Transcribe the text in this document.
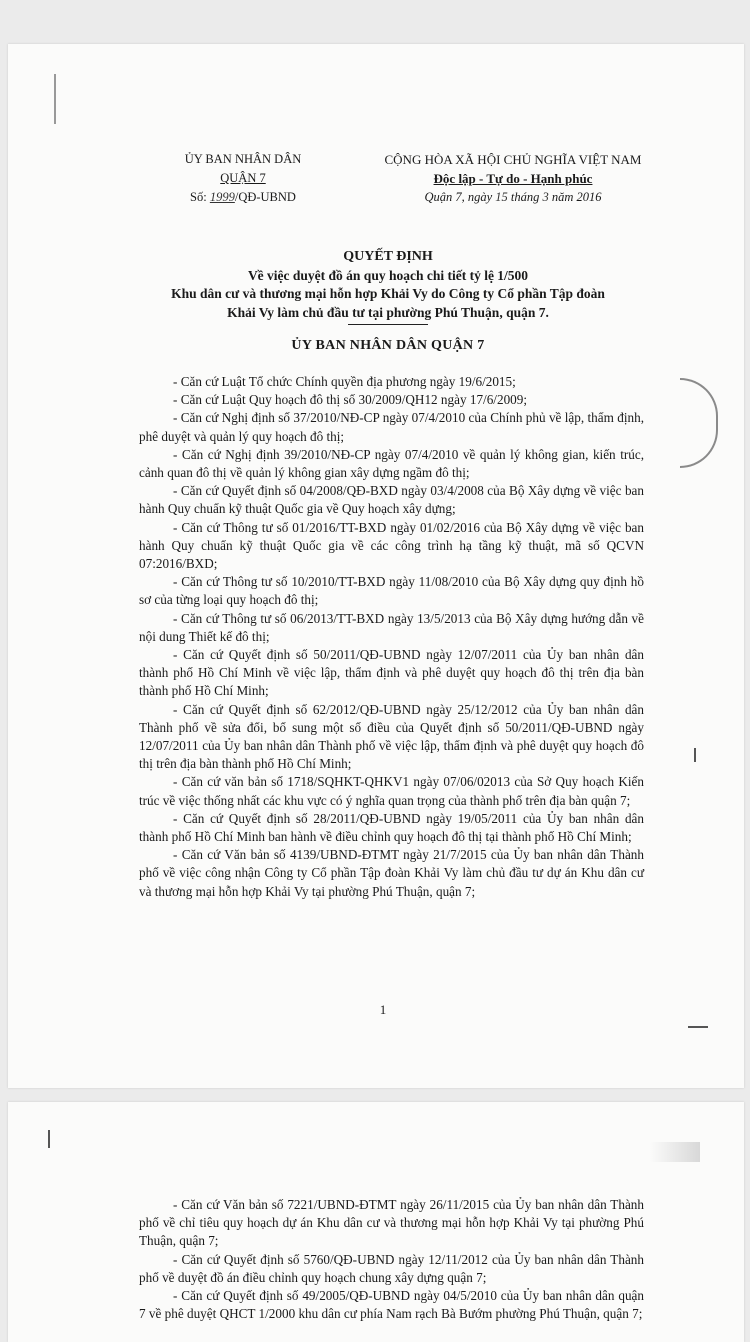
ỦY BAN NHÂN DÂN
QUẬN 7
Số: 1999/QĐ-UBND
CỘNG HÒA XÃ HỘI CHỦ NGHĨA VIỆT NAM
Độc lập - Tự do - Hạnh phúc
Quận 7, ngày 15 tháng 3 năm 2016
QUYẾT ĐỊNH
Về việc duyệt đồ án quy hoạch chi tiết tỷ lệ 1/500
Khu dân cư và thương mại hỗn hợp Khải Vy do Công ty Cổ phần Tập đoàn
Khải Vy làm chủ đầu tư tại phường Phú Thuận, quận 7.
ỦY BAN NHÂN DÂN QUẬN 7

- Căn cứ Luật Tổ chức Chính quyền địa phương ngày 19/6/2015;

- Căn cứ Luật Quy hoạch đô thị số 30/2009/QH12 ngày 17/6/2009;

- Căn cứ Nghị định số 37/2010/NĐ-CP ngày 07/4/2010 của Chính phủ về lập, thẩm định, phê duyệt và quản lý quy hoạch đô thị;

- Căn cứ Nghị định 39/2010/NĐ-CP ngày 07/4/2010 về quản lý không gian, kiến trúc, cảnh quan đô thị về quản lý không gian xây dựng ngầm đô thị;

- Căn cứ Quyết định số 04/2008/QĐ-BXD ngày 03/4/2008 của Bộ Xây dựng về việc ban hành Quy chuẩn kỹ thuật Quốc gia về Quy hoạch xây dựng;

- Căn cứ Thông tư số 01/2016/TT-BXD ngày 01/02/2016 của Bộ Xây dựng về việc ban hành Quy chuẩn kỹ thuật Quốc gia về các công trình hạ tầng kỹ thuật, mã số QCVN 07:2016/BXD;

- Căn cứ Thông tư số 10/2010/TT-BXD ngày 11/08/2010 của Bộ Xây dựng quy định hồ sơ của từng loại quy hoạch đô thị;

- Căn cứ Thông tư số 06/2013/TT-BXD ngày 13/5/2013 của Bộ Xây dựng hướng dẫn về nội dung Thiết kế đô thị;

- Căn cứ Quyết định số 50/2011/QĐ-UBND ngày 12/07/2011 của Ủy ban nhân dân thành phố Hồ Chí Minh về việc lập, thẩm định và phê duyệt quy hoạch đô thị trên địa bàn thành phố Hồ Chí Minh;

- Căn cứ Quyết định số 62/2012/QĐ-UBND ngày 25/12/2012 của Ủy ban nhân dân Thành phố về sửa đổi, bổ sung một số điều của Quyết định số 50/2011/QĐ-UBND ngày 12/07/2011 của Ủy ban nhân dân Thành phố về việc lập, thẩm định và phê duyệt quy hoạch đô thị trên địa bàn thành phố Hồ Chí Minh;

- Căn cứ văn bản số 1718/SQHKT-QHKV1 ngày 07/06/02013 của Sở Quy hoạch Kiến trúc về việc thống nhất các khu vực có ý nghĩa quan trọng của thành phố trên địa bàn quận 7;

- Căn cứ Quyết định số 28/2011/QĐ-UBND ngày 19/05/2011 của Ủy ban nhân dân thành phố Hồ Chí Minh ban hành về điều chỉnh quy hoạch đô thị tại thành phố Hồ Chí Minh;

- Căn cứ Văn bản số 4139/UBND-ĐTMT ngày 21/7/2015 của Ủy ban nhân dân Thành phố về việc công nhận Công ty Cổ phần Tập đoàn Khải Vy làm chủ đầu tư dự án Khu dân cư và thương mại hỗn hợp Khải Vy tại phường Phú Thuận, quận 7;

1

- Căn cứ Văn bản số 7221/UBND-ĐTMT ngày 26/11/2015 của Ủy ban nhân dân Thành phố về chỉ tiêu quy hoạch dự án Khu dân cư và thương mại hỗn hợp Khải Vy tại phường Phú Thuận, quận 7;

- Căn cứ Quyết định số 5760/QĐ-UBND ngày 12/11/2012 của Ủy ban nhân dân Thành phố về duyệt đồ án điều chỉnh quy hoạch chung xây dựng quận 7;

- Căn cứ Quyết định số 49/2005/QĐ-UBND ngày 04/5/2010 của Ủy ban nhân dân quận 7 về phê duyệt QHCT 1/2000 khu dân cư phía Nam rạch Bà Bướm phường Phú Thuận, quận 7;
